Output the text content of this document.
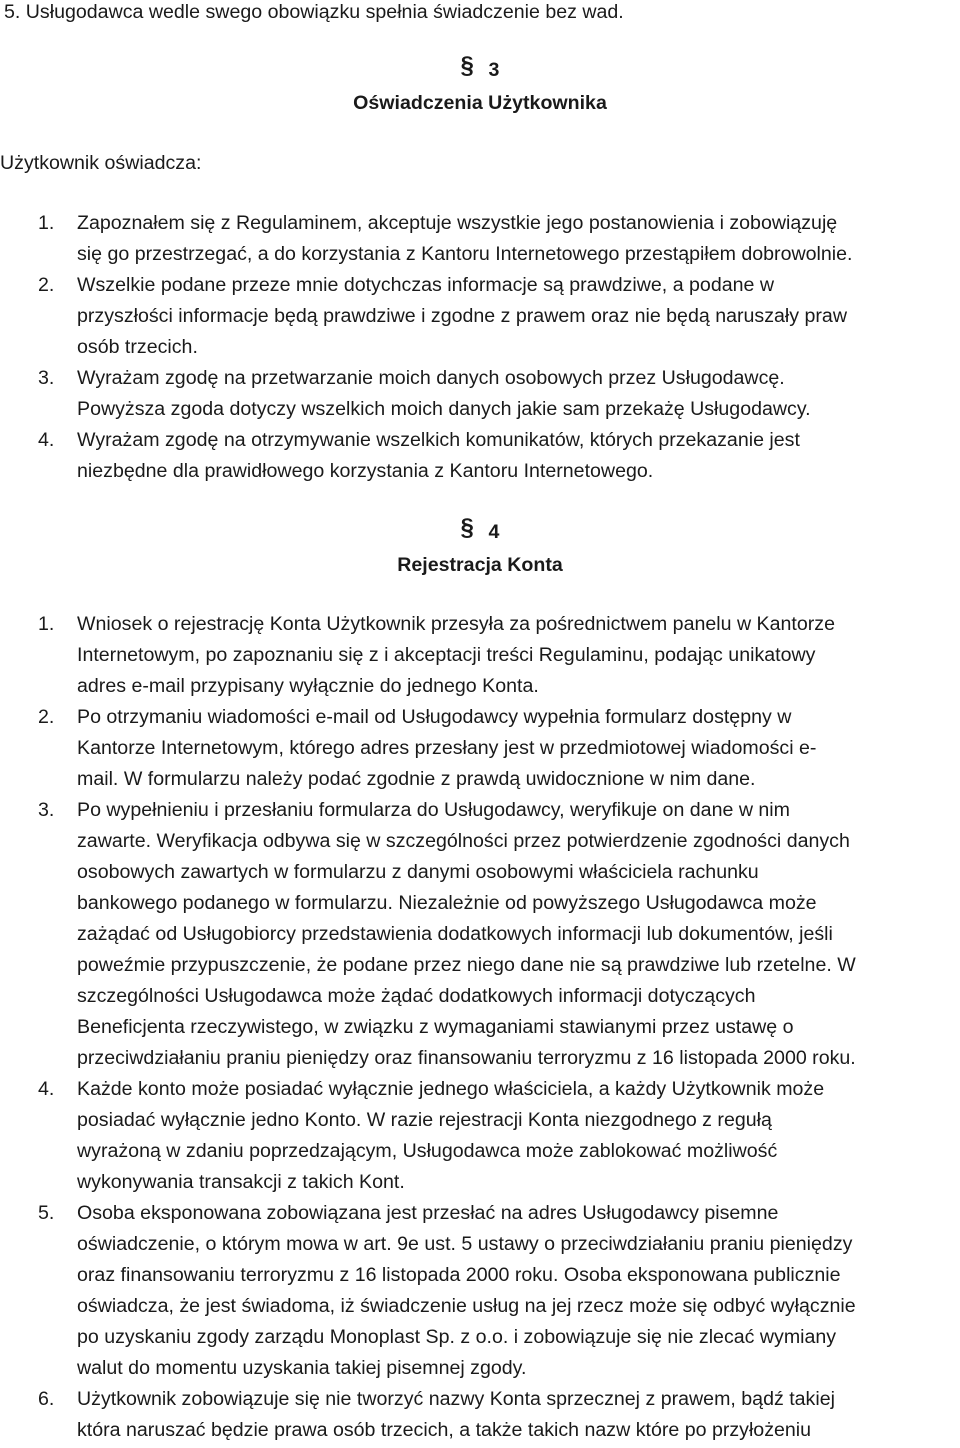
5. Usługodawca wedle swego obowiązku spełnia świadczenie bez wad.
§ 3
Oświadczenia Użytkownika
Użytkownik oświadcza:
1. Zapoznałem się z Regulaminem, akceptuje wszystkie jego postanowienia i zobowiązuję
się go przestrzegać, a do korzystania z Kantoru Internetowego przestąpiłem dobrowolnie.
2. Wszelkie podane przeze mnie dotychczas informacje są prawdziwe, a podane w
przyszłości informacje będą prawdziwe i zgodne z prawem oraz nie będą naruszały praw
osób trzecich.
3. Wyrażam zgodę na przetwarzanie moich danych osobowych przez Usługodawcę.
Powyższa zgoda dotyczy wszelkich moich danych jakie sam przekażę Usługodawcy.
4. Wyrażam zgodę na otrzymywanie wszelkich komunikatów, których przekazanie jest
niezbędne dla prawidłowego korzystania z Kantoru Internetowego.
§ 4
Rejestracja Konta
1. Wniosek o rejestrację Konta Użytkownik przesyła za pośrednictwem panelu w Kantorze
Internetowym, po zapoznaniu się z i akceptacji treści Regulaminu, podając unikatowy
adres e-mail przypisany wyłącznie do jednego Konta.
2. Po otrzymaniu wiadomości e-mail od Usługodawcy wypełnia formularz dostępny w
Kantorze Internetowym, którego adres przesłany jest w przedmiotowej wiadomości e-
mail. W formularzu należy podać zgodnie z prawdą uwidocznione w nim dane.
3. Po wypełnieniu i przesłaniu formularza do Usługodawcy, weryfikuje on dane w nim
zawarte. Weryfikacja odbywa się w szczególności przez potwierdzenie zgodności danych
osobowych zawartych w formularzu z danymi osobowymi właściciela rachunku
bankowego podanego w formularzu. Niezależnie od powyższego Usługodawca może
zażądać od Usługobiorcy przedstawienia dodatkowych informacji lub dokumentów, jeśli
poweźmie przypuszczenie, że podane przez niego dane nie są prawdziwe lub rzetelne. W
szczególności Usługodawca może żądać dodatkowych informacji dotyczących
Beneficjenta rzeczywistego, w związku z wymaganiami stawianymi przez ustawę o
przeciwdziałaniu praniu pieniędzy oraz finansowaniu terroryzmu z 16 listopada 2000 roku.
4. Każde konto może posiadać wyłącznie jednego właściciela, a każdy Użytkownik może
posiadać wyłącznie jedno Konto. W razie rejestracji Konta niezgodnego z regułą
wyrażoną w zdaniu poprzedzającym, Usługodawca może zablokować możliwość
wykonywania transakcji z takich Kont.
5. Osoba eksponowana zobowiązana jest przesłać na adres Usługodawcy pisemne
oświadczenie, o którym mowa w art. 9e ust. 5 ustawy o przeciwdziałaniu praniu pieniędzy
oraz finansowaniu terroryzmu z 16 listopada 2000 roku. Osoba eksponowana publicznie
oświadcza, że jest świadoma, iż świadczenie usług na jej rzecz może się odbyć wyłącznie
po uzyskaniu zgody zarządu Monoplast Sp. z o.o. i zobowiązuje się nie zlecać wymiany
walut do momentu uzyskania takiej pisemnej zgody.
6. Użytkownik zobowiązuje się nie tworzyć nazwy Konta sprzecznej z prawem, bądź takiej
która naruszać będzie prawa osób trzecich, a także takich nazw które po przyłożeniu
